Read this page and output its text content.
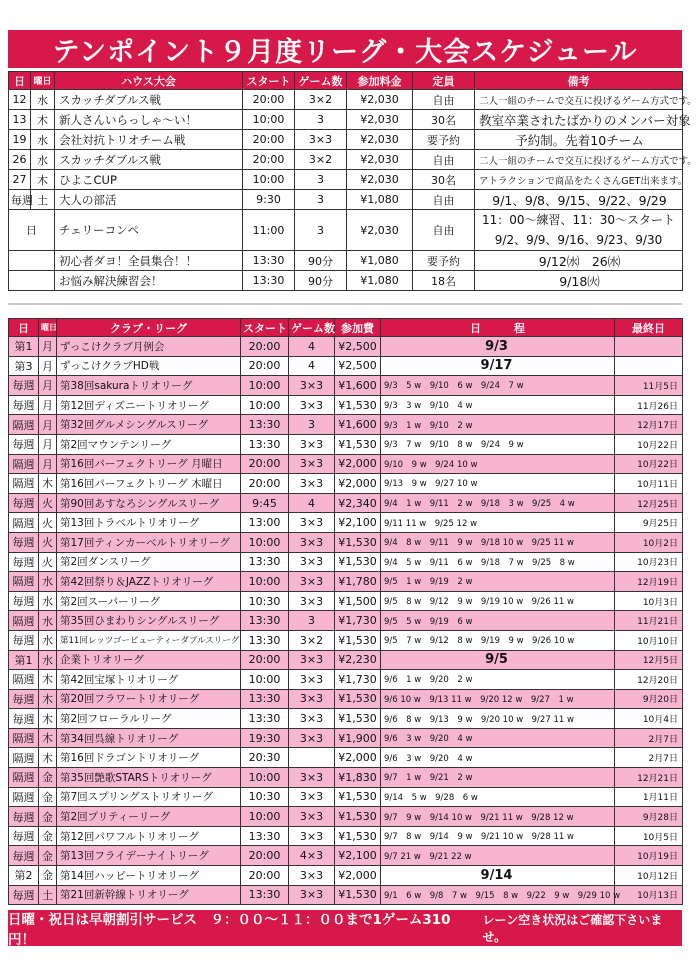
テンポイント９月度リーグ・大会スケジュール
日	曜日	ハウス大会	スタート	ゲーム数	参加料金	定員	備考
12	水	スカッチダブルス戦	20:00	3×2	¥2,030	自由	二人一組のチームで交互に投げるゲーム方式です。
13	木	新人さんいらっしゃ〜い！	10:00	3	¥2,030	30名	教室卒業されたばかりのメンバー対象
19	水	会社対抗トリオチーム戦	20:00	3×3	¥2,030	要予約	予約制。先着10チーム
26	水	スカッチダブルス戦	20:00	3×2	¥2,030	自由	二人一組のチームで交互に投げるゲーム方式です。
27	木	ひよこCUP	10:00	3	¥2,030	30名	アトラクションで商品をたくさんGET出来ます。
毎週	土	大人の部活	9:30	3	¥1,080	自由	9/1、9/8、9/15、9/22、9/29
日		チェリーコンペ	11:00	3	¥2,030	自由	11：00〜練習、11：30〜スタート
9/2、9/9、9/16、9/23、9/30

		初心者ダヨ！全員集合！！	13:30	90分	¥1,080	要予約	9/12㈬　26㈬
		お悩み解決練習会！	13:30	90分	¥1,080	18名	9/18㈫
日	曜日	クラブ・リーグ	スタート	ゲーム数	参加費	日　　　程	最終日
第1	月	ずっこけクラブ月例会	20:00	4	¥2,500	9/3	
第3	月	ずっこけクラブHD戦	20:00	4	¥2,500	9/17	
毎週	月	第38回sakuraトリオリーグ	10:00	3×3	¥1,600	9/3　5 w　9/10　6 w　9/24　7 w	11月5日
毎週	月	第12回ディズニートリオリーグ	10:00	3×3	¥1,530	9/3　3 w　9/10　4 w	11月26日
隔週	月	第32回グルメシングルスリーグ	13:30	3	¥1,600	9/3　1 w　9/10　2 w	12月17日
毎週	月	第2回マウンテンリーグ	13:30	3×3	¥1,530	9/3　7 w　9/10　8 w　9/24　9 w	10月22日
隔週	月	第16回パーフェクトリーグ 月曜日	20:00	3×3	¥2,000	9/10　9 w　9/24 10 w	10月22日
隔週	木	第16回パーフェクトリーグ 木曜日	20:00	3×3	¥2,000	9/13　9 w　9/27 10 w	10月11日
毎週	火	第90回あすなろシングルスリーグ	9:45	4	¥2,340	9/4　1 w　9/11　2 w　9/18　3 w　9/25　4 w	12月25日
隔週	火	第13回トラベルトリオリーグ	13:00	3×3	¥2,100	9/11 11 w　9/25 12 w	9月25日
毎週	火	第17回ティンカーベルトリオリーグ	10:00	3×3	¥1,530	9/4　8 w　9/11　9 w　9/18 10 w　9/25 11 w	10月2日
毎週	火	第2回ダンスリーグ	13:30	3×3	¥1,530	9/4　5 w　9/11　6 w　9/18　7 w　9/25　8 w	10月23日
隔週	水	第42回祭り＆JAZZトリオリーグ	10:00	3×3	¥1,780	9/5　1 w　9/19　2 w	12月19日
毎週	水	第2回スーパーリーグ	10:30	3×3	¥1,500	9/5　8 w　9/12　9 w　9/19 10 w　9/26 11 w	10月3日
隔週	水	第35回ひまわりシングルスリーグ	13:30	3	¥1,730	9/5　5 w　9/19　6 w	11月21日
毎週	水	第11回レッツゴービューティーダブルスリーグ	13:30	3×2	¥1,530	9/5　7 w　9/12　8 w　9/19　9 w　9/26 10 w	10月10日
第1	水	企業トリオリーグ	20:00	3×3	¥2,230	9/5	12月5日
隔週	木	第42回宝塚トリオリーグ	10:00	3×3	¥1,730	9/6　1 w　9/20　2 w	12月20日
毎週	木	第20回フラワートリオリーグ	13:30	3×3	¥1,530	9/6 10 w　9/13 11 w　9/20 12 w　9/27　1 w	9月20日
毎週	木	第2回フローラルリーグ	13:30	3×3	¥1,530	9/6　8 w　9/13　9 w　9/20 10 w　9/27 11 w	10月4日
隔週	木	第34回呉線トリオリーグ	19:30	3×3	¥1,900	9/6　3 w　9/20　4 w	2月7日
隔週	木	第16回ドラゴントリオリーグ	20:30		¥2,000	9/6　3 w　9/20　4 w	2月7日
隔週	金	第35回艶歌STARSトリオリーグ	10:00	3×3	¥1,830	9/7　1 w　9/21　2 w	12月21日
隔週	金	第7回スプリングストリオリーグ	10:30	3×3	¥1,530	9/14　5 w　9/28　6 w	1月11日
毎週	金	第2回プリティーリーグ	10:00	3×3	¥1,530	9/7　9 w　9/14 10 w　9/21 11 w　9/28 12 w	9月28日
毎週	金	第12回パワフルトリオリーグ	13:30	3×3	¥1,530	9/7　8 w　9/14　9 w　9/21 10 w　9/28 11 w	10月5日
毎週	金	第13回フライデーナイトリーグ	20:00	4×3	¥2,100	9/7 21 w　9/21 22 w	10月19日
第2	金	第14回ハッピートリオリーグ	20:00	3×3	¥2,000	9/14	10月12日
毎週	土	第21回新幹線トリオリーグ	13:30	3×3	¥1,530	9/1　6 w　9/8　7 w　9/15　8 w　9/22　9 w　9/29 10 w	10月13日
日曜・祝日は早朝割引サービス　９：００〜１１：００まで1ゲーム310円！
レーン空き状況はご確認下さいませ。
